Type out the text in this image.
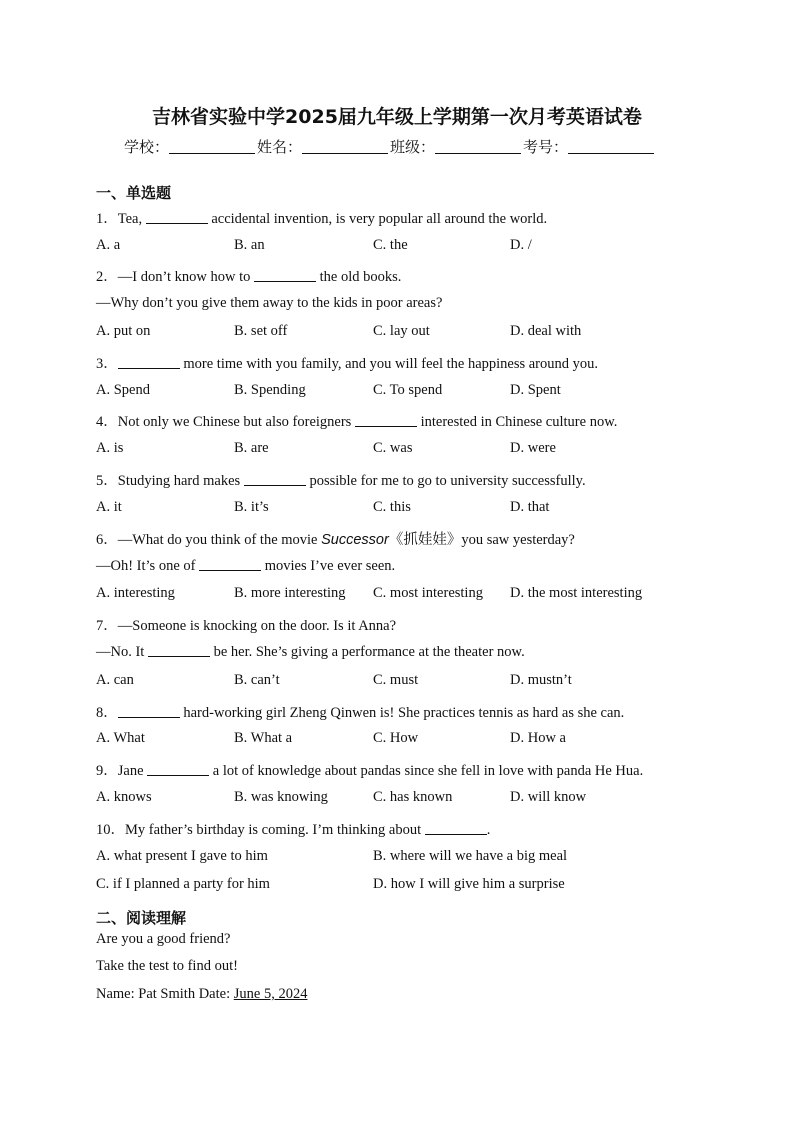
吉林省实验中学2025届九年级上学期第一次月考英语试卷
学校：	姓名：	班级：	考号：
一、单选题
1．Tea,	accidental invention, is very popular all around the world.
A. a	B. an	C. the	D. /
2．—I don’t know how to	the old books.
—Why don’t you give them away to the kids in poor areas?
A. put on	B. set off	C. lay out	D. deal with
3．	more time with you family, and you will feel the happiness around you.
A. Spend	B. Spending	C. To spend	D. Spent
4．Not only we Chinese but also foreigners	interested in Chinese culture now.
A. is	B. are	C. was	D. were
5．Studying hard makes	possible for me to go to university successfully.
A. it	B. it’s	C. this	D. that
6．—What do you think of the movie Successor《抓娃娃》you saw yesterday?
—Oh! It’s one of	movies I’ve ever seen.
A. interesting	B. more interesting C. most interesting D. the most interesting
7．—Someone is knocking on the door. Is it Anna?
—No. It	be her. She’s giving a performance at the theater now.
A. can	B. can’t	C. must	D. mustn’t
8．	hard-working girl Zheng Qinwen is! She practices tennis as hard as she can.
A. What	B. What a	C. How	D. How a
9．Jane	a lot of knowledge about pandas since she fell in love with panda He Hua.
A. knows	B. was knowing	C. has known	D. will know
10．My father’s birthday is coming. I’m thinking about	.
A. what present I gave to him	B. where will we have a big meal
C. if I planned a party for him	D. how I will give him a surprise
二、阅读理解
Are you a good friend?
Take the test to find out!
Name: Pat Smith Date: June 5, 2024
